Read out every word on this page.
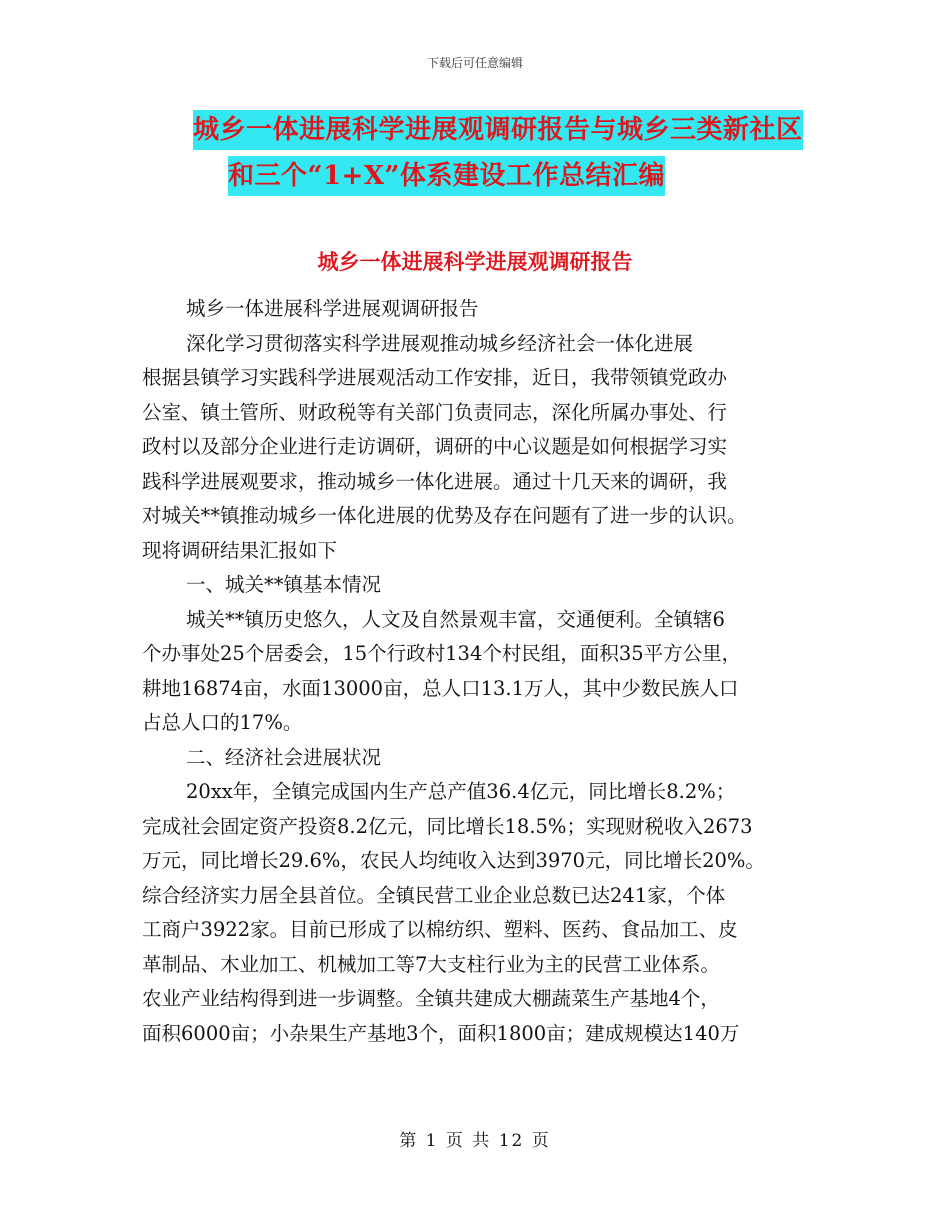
下载后可任意编辑
城乡一体进展科学进展观调研报告与城乡三类新社区
和三个“1+X”体系建设工作总结汇编
城乡一体进展科学进展观调研报告

城乡一体进展科学进展观调研报告

深化学习贯彻落实科学进展观推动城乡经济社会一体化进展

根据县镇学习实践科学进展观活动工作安排，近日，我带领镇党政办

公室、镇土管所、财政税等有关部门负责同志，深化所属办事处、行

政村以及部分企业进行走访调研，调研的中心议题是如何根据学习实

践科学进展观要求，推动城乡一体化进展。通过十几天来的调研，我

对城关**镇推动城乡一体化进展的优势及存在问题有了进一步的认识。

现将调研结果汇报如下

一、城关**镇基本情况

城关**镇历史悠久，人文及自然景观丰富，交通便利。全镇辖6

个办事处25个居委会，15个行政村134个村民组，面积35平方公里，

耕地16874亩，水面13000亩，总人口13.1万人，其中少数民族人口

占总人口的17%。

二、经济社会进展状况

20xx年，全镇完成国内生产总产值36.4亿元，同比增长8.2%；

完成社会固定资产投资8.2亿元，同比增长18.5%；实现财税收入2673

万元，同比增长29.6%，农民人均纯收入达到3970元，同比增长20%。

综合经济实力居全县首位。全镇民营工业企业总数已达241家，个体

工商户3922家。目前已形成了以棉纺织、塑料、医药、食品加工、皮

革制品、木业加工、机械加工等7大支柱行业为主的民营工业体系。

农业产业结构得到进一步调整。全镇共建成大棚蔬菜生产基地4个，

面积6000亩；小杂果生产基地3个，面积1800亩；建成规模达140万

第 1 页 共 12 页
